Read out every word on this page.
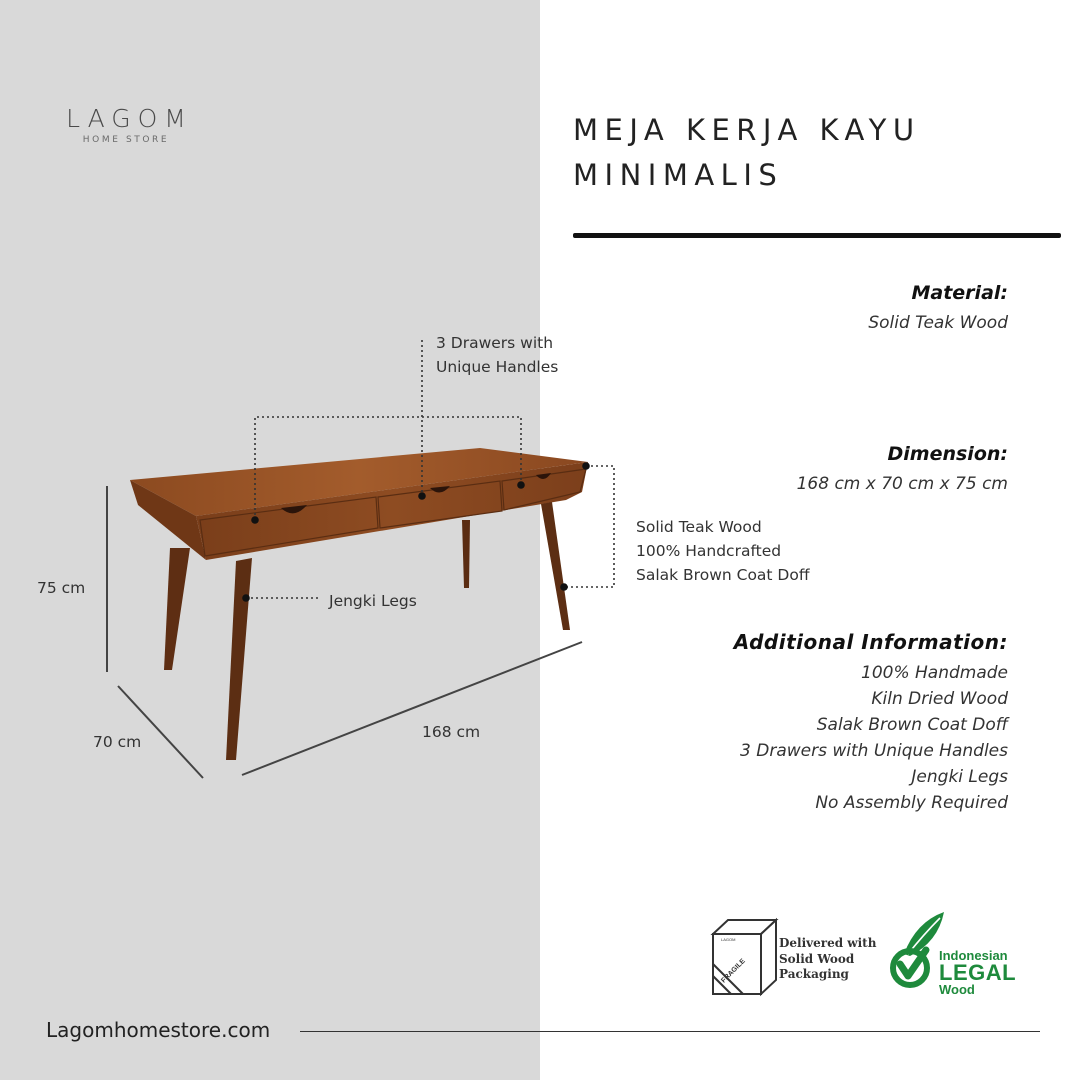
LAGOM
HOME STORE	MEJA KERJA KAYU
MINIMALIS
Material:
Solid Teak Wood
Dimension:
168 cm x 70 cm x 75 cm
Additional Information:
100% Handmade
Kiln Dried Wood
Salak Brown Coat Doff
3 Drawers with Unique Handles
Jengki Legs
No Assembly Required
3 Drawers with
Unique Handles
Solid Teak Wood
100% Handcrafted
Salak Brown Coat Doff
Jengki Legs
75 cm
70 cm
168 cm
LAGOM
FRAGILE
Delivered with
Solid Wood
Packaging
Indonesian
LEGAL
Wood
Lagomhomestore.com
